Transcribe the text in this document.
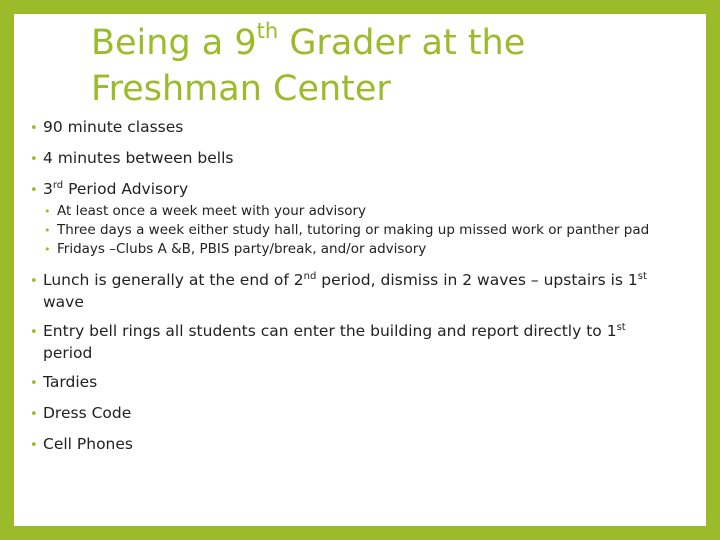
Being a 9th Grader at the
Freshman Center

• 90 minute classes

• 4 minutes between bells

• 3rd Period Advisory

• At least once a week meet with your advisory

• Three days a week either study hall, tutoring or making up missed work or panther pad

• Fridays –Clubs A &B, PBIS party/break, and/or advisory

• Lunch is generally at the end of 2nd period, dismiss in 2 waves – upstairs is 1st wave

• Entry bell rings all students can enter the building and report directly to 1st period

• Tardies

• Dress Code

• Cell Phones
